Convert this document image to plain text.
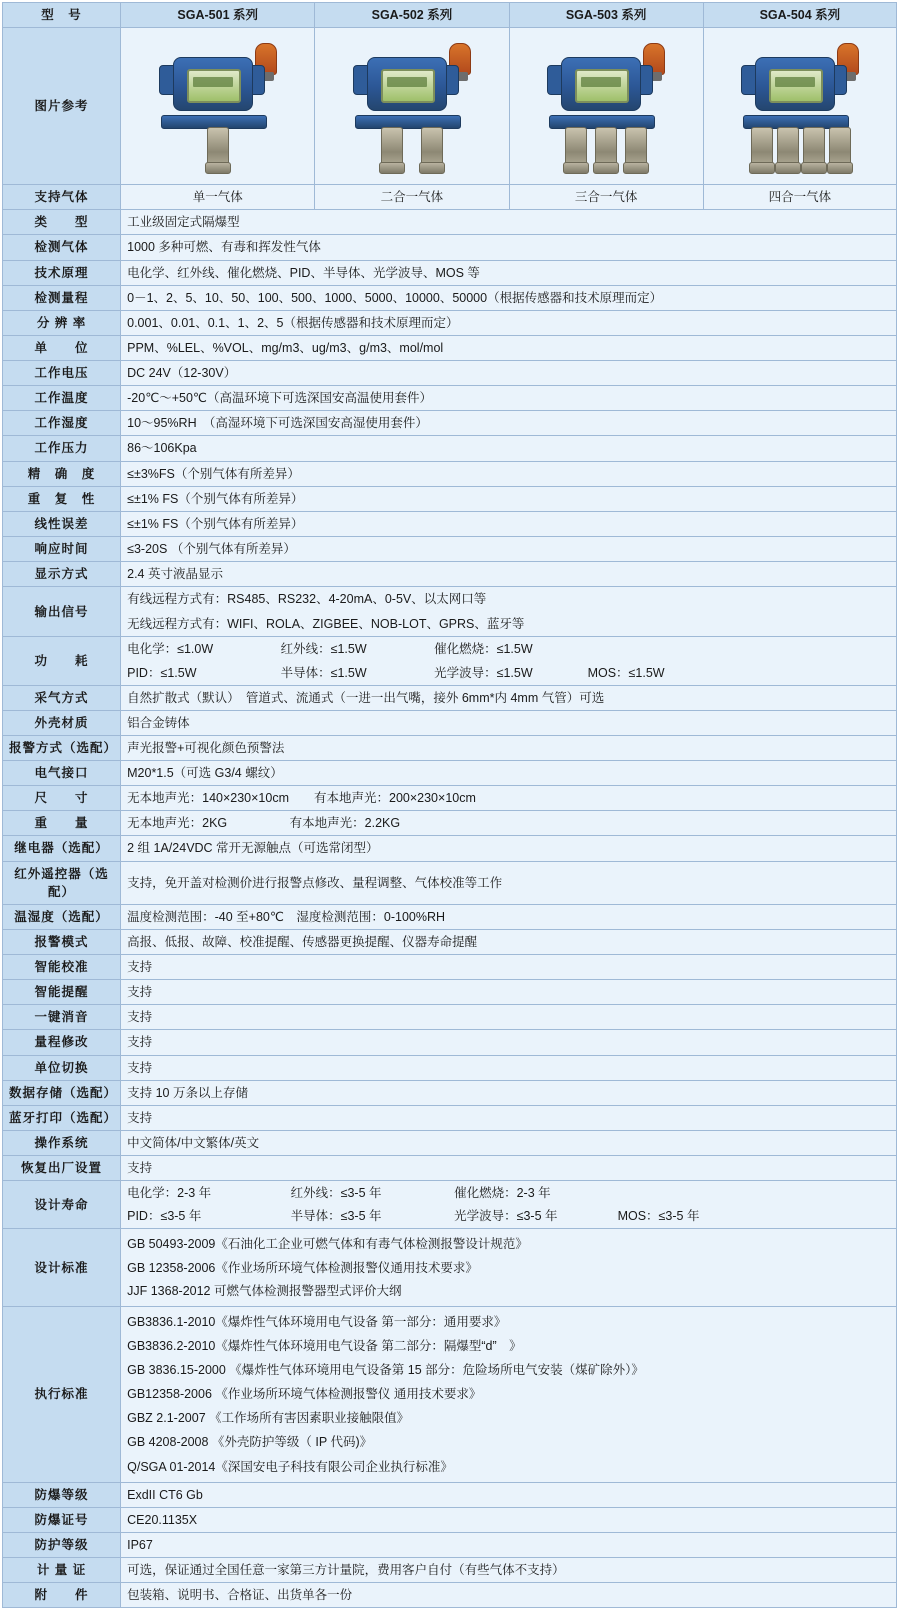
型　号	SGA-501 系列	SGA-502 系列	SGA-503 系列	SGA-504 系列
图片参考	

支持气体	单一气体	二合一气体	三合一气体	四合一气体
类　　型	工业级固定式隔爆型			
检测气体	1000 多种可燃、有毒和挥发性气体			
技术原理	电化学、红外线、催化燃烧、PID、半导体、光学波导、MOS 等			
检测量程	0－1、2、5、10、50、100、500、1000、5000、10000、50000（根据传感器和技术原理而定）			
分 辨 率	0.001、0.01、0.1、1、2、5（根据传感器和技术原理而定）			
单　　位	PPM、%LEL、%VOL、mg/m3、ug/m3、g/m3、mol/mol			
工作电压	DC 24V（12-30V）			
工作温度	-20℃～+50℃（高温环境下可选深国安高温使用套件）			
工作湿度	10～95%RH　（高湿环境下可选深国安高湿使用套件）			
工作压力	86～106Kpa			
精　确　度	≤±3%FS（个别气体有所差异）			
重　复　性	≤±1% FS（个别气体有所差异）			
线性误差	≤±1% FS（个别气体有所差异）			
响应时间	≤3-20S （个别气体有所差异）			
显示方式	2.4 英寸液晶显示			
输出信号	有线远程方式有：RS485、RS232、4-20mA、0-5V、以太网口等
无线远程方式有：WIFI、ROLA、ZIGBEE、NOB-LOT、GPRS、蓝牙等			

功　　耗	电化学：≤1.0W 红外线：≤1.5W 催化燃烧：≤1.5W
PID：≤1.5W 半导体：≤1.5W 光学波导：≤1.5W MOS：≤1.5W			

采气方式	自然扩散式（默认）　管道式、流通式（一进一出气嘴，接外 6mm*内 4mm 气管）可选			
外壳材质	铝合金铸体			
报警方式（选配）	声光报警+可视化颜色预警法			
电气接口	M20*1.5（可选 G3/4 螺纹）			
尺　　寸	无本地声光：140×230×10cm　　有本地声光：200×230×10cm			
重　　量	无本地声光：2KG　　　　　有本地声光：2.2KG			
继电器（选配）	2 组 1A/24VDC 常开无源触点（可选常闭型）			
红外遥控器（选配）	支持，免开盖对检测价进行报警点修改、量程调整、气体校准等工作			
温湿度（选配）	温度检测范围：-40 至+80℃　湿度检测范围：0-100%RH			
报警模式	高报、低报、故障、校准提醒、传感器更换提醒、仪器寿命提醒			
智能校准	支持			
智能提醒	支持			
一键消音	支持			
量程修改	支持			
单位切换	支持			
数据存储（选配）	支持 10 万条以上存储			
蓝牙打印（选配）	支持			
操作系统	中文简体/中文繁体/英文			
恢复出厂设置	支持			
设计寿命	电化学：2-3 年 红外线：≤3-5 年 催化燃烧：2-3 年
PID：≤3-5 年 半导体：≤3-5 年 光学波导：≤3-5 年 MOS：≤3-5 年			

设计标准	GB 50493-2009《石油化工企业可燃气体和有毒气体检测报警设计规范》
GB 12358-2006《作业场所环境气体检测报警仪通用技术要求》
JJF 1368-2012 可燃气体检测报警器型式评价大纲			

执行标准	
GB3836.1-2010《爆炸性气体环境用电气设备 第一部分：通用要求》
GB3836.2-2010《爆炸性气体环境用电气设备 第二部分：隔爆型“d”　》
GB 3836.15-2000 《爆炸性气体环境用电气设备第 15 部分：危险场所电气安装（煤矿除外）》
GB12358-2006 《作业场所环境气体检测报警仪 通用技术要求》
GBZ 2.1-2007 《工作场所有害因素职业接触限值》
GB 4208-2008 《外壳防护等级（ IP 代码)》
Q/SGA 01-2014《深国安电子科技有限公司企业执行标准》

防爆等级	ExdII CT6 Gb			
防爆证号	CE20.1135X			
防护等级	IP67			
计 量 证	可选，保证通过全国任意一家第三方计量院，费用客户自付（有些气体不支持）			
附　　件	包装箱、说明书、合格证、出货单各一份			
